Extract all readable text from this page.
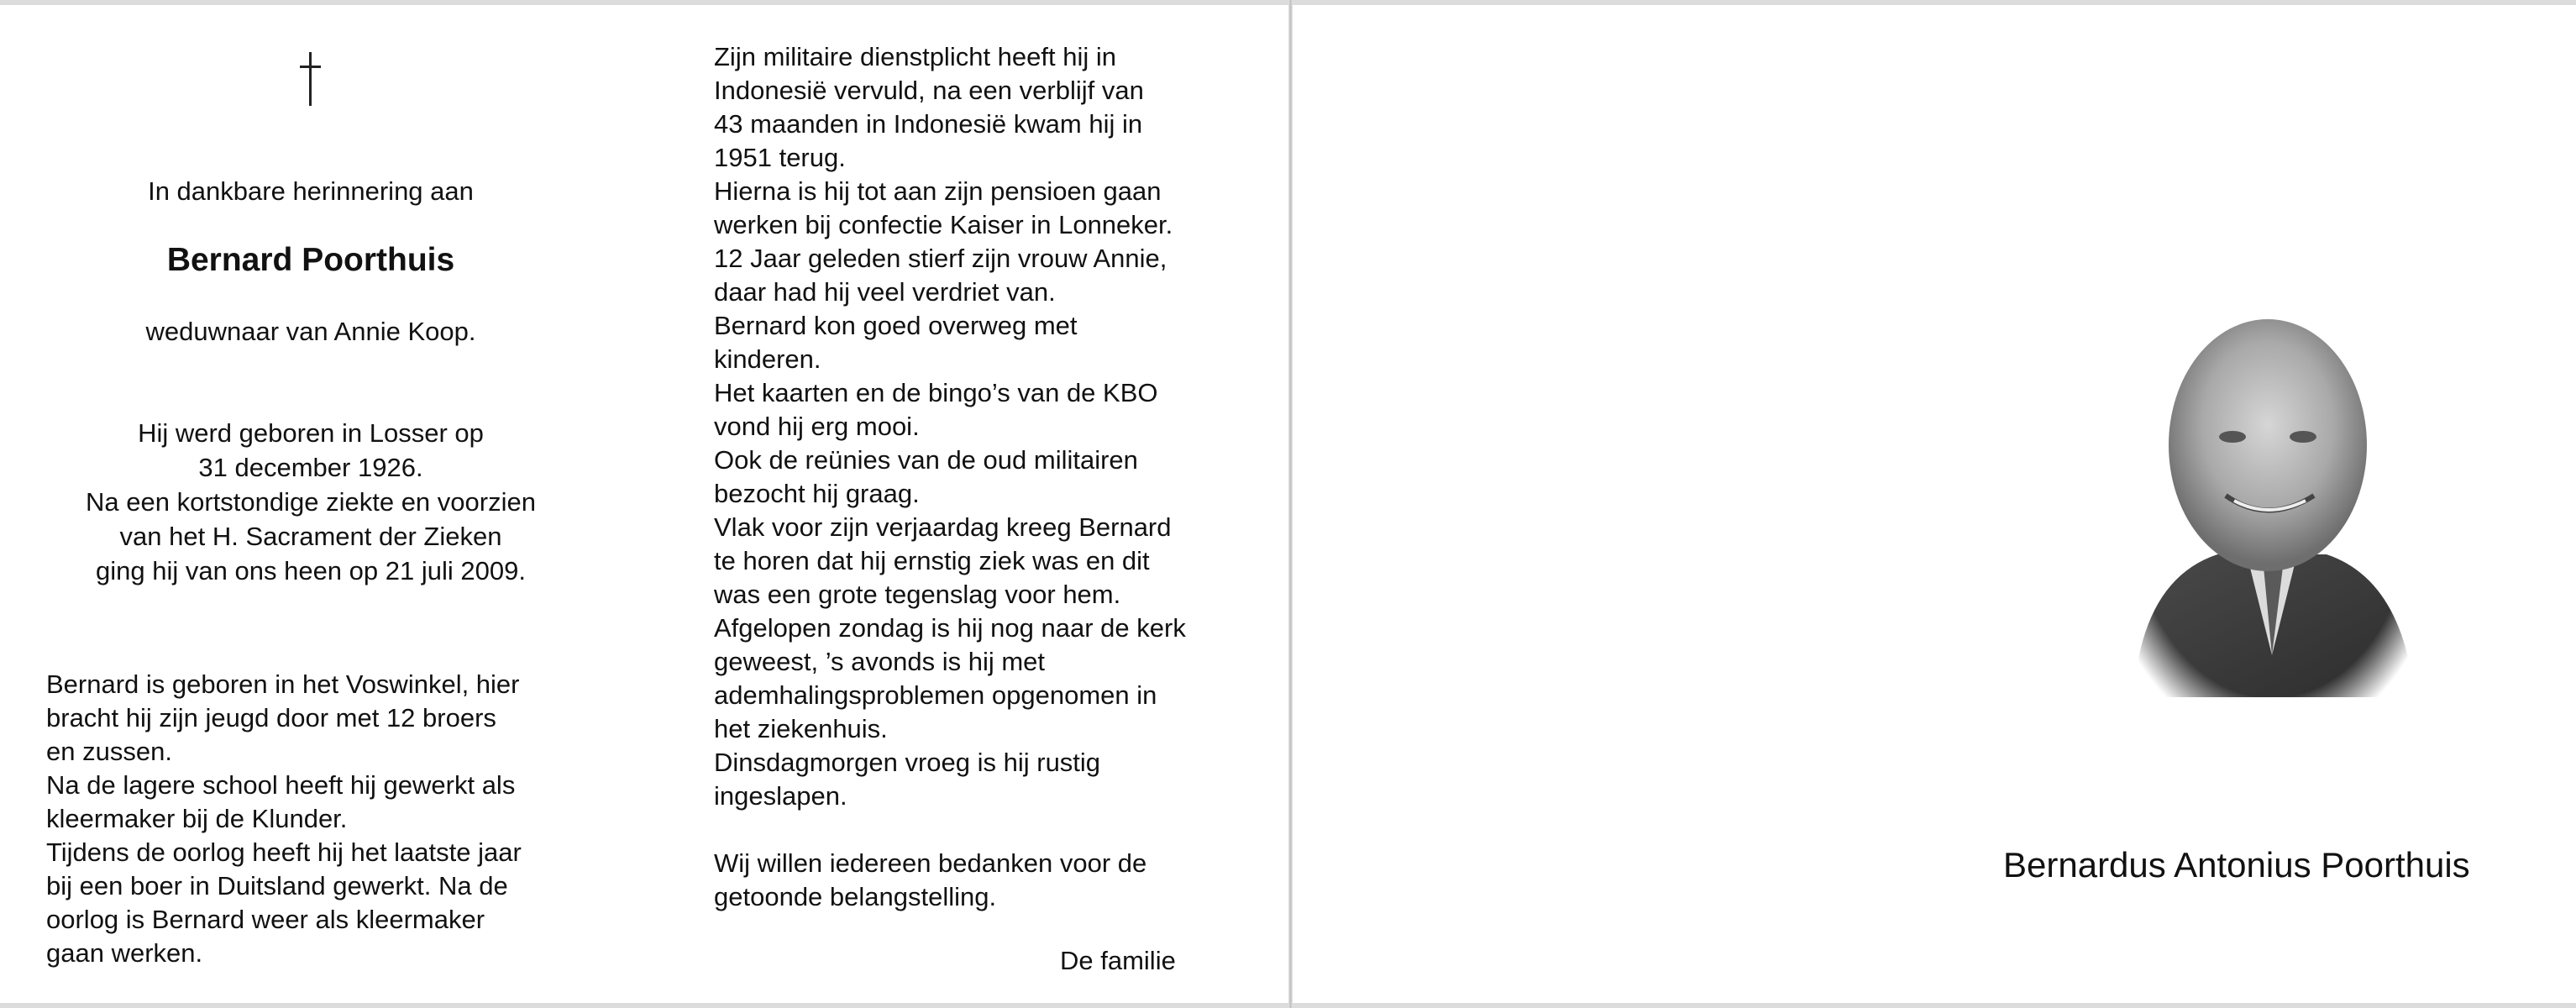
In dankbare herinnering aan
Bernard Poorthuis
weduwnaar van Annie Koop.
Hij werd geboren in Losser op
31 december 1926.
Na een kortstondige ziekte en voorzien
van het H. Sacrament der Zieken
ging hij van ons heen op 21 juli 2009.
Bernard is geboren in het Voswinkel, hier
bracht hij zijn jeugd door met 12 broers
en zussen.
Na de lagere school heeft hij gewerkt als
kleermaker bij de Klunder.
Tijdens de oorlog heeft hij het laatste jaar
bij een boer in Duitsland gewerkt. Na de
oorlog is Bernard weer als kleermaker
gaan werken.
Zijn militaire dienstplicht heeft hij in
Indonesië vervuld, na een verblijf van
43 maanden in Indonesië kwam hij in
1951 terug.
Hierna is hij tot aan zijn pensioen gaan
werken bij confectie Kaiser in Lonneker.
12 Jaar geleden stierf zijn vrouw Annie,
daar had hij veel verdriet van.
Bernard kon goed overweg met
kinderen.
Het kaarten en de bingo’s van de KBO
vond hij erg mooi.
Ook de reünies van de oud militairen
bezocht hij graag.
Vlak voor zijn verjaardag kreeg Bernard
te horen dat hij ernstig ziek was en dit
was een grote tegenslag voor hem.
Afgelopen zondag is hij nog naar de kerk
geweest, ’s avonds is hij met
ademhalingsproblemen opgenomen in
het ziekenhuis.
Dinsdagmorgen vroeg is hij rustig
ingeslapen.
Wij willen iedereen bedanken voor de
getoonde belangstelling.
De familie
Bernardus Antonius Poorthuis
